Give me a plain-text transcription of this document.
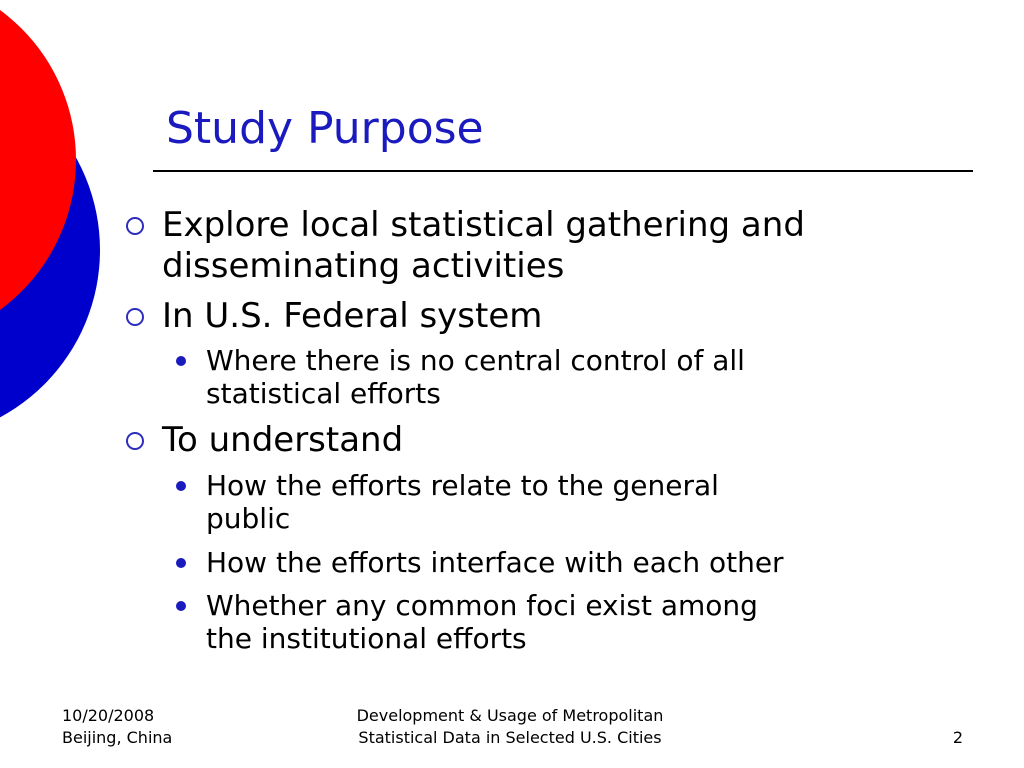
Study Purpose
Explore local statistical gathering and
disseminating activities
In U.S. Federal system
Where there is no central control of all
statistical efforts
To understand
How the efforts relate to the general
public
How the efforts interface with each other
Whether any common foci exist among
the institutional efforts
10/20/2008
Beijing, China
Development & Usage of Metropolitan
Statistical Data in Selected U.S. Cities	2
